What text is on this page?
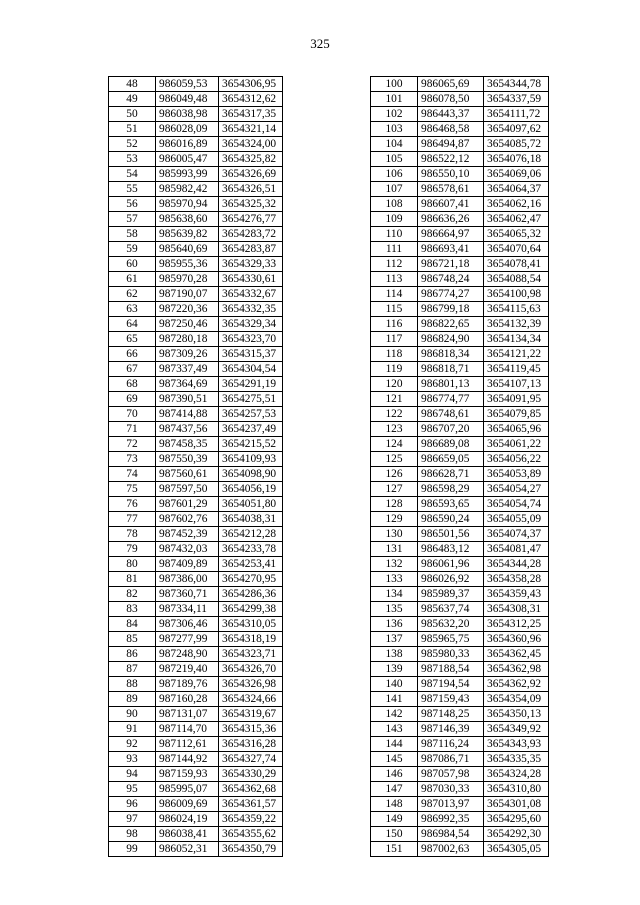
325
48	986059,53	3654306,95
49	986049,48	3654312,62
50	986038,98	3654317,35
51	986028,09	3654321,14
52	986016,89	3654324,00
53	986005,47	3654325,82
54	985993,99	3654326,69
55	985982,42	3654326,51
56	985970,94	3654325,32
57	985638,60	3654276,77
58	985639,82	3654283,72
59	985640,69	3654283,87
60	985955,36	3654329,33
61	985970,28	3654330,61
62	987190,07	3654332,67
63	987220,36	3654332,35
64	987250,46	3654329,34
65	987280,18	3654323,70
66	987309,26	3654315,37
67	987337,49	3654304,54
68	987364,69	3654291,19
69	987390,51	3654275,51
70	987414,88	3654257,53
71	987437,56	3654237,49
72	987458,35	3654215,52
73	987550,39	3654109,93
74	987560,61	3654098,90
75	987597,50	3654056,19
76	987601,29	3654051,80
77	987602,76	3654038,31
78	987452,39	3654212,28
79	987432,03	3654233,78
80	987409,89	3654253,41
81	987386,00	3654270,95
82	987360,71	3654286,36
83	987334,11	3654299,38
84	987306,46	3654310,05
85	987277,99	3654318,19
86	987248,90	3654323,71
87	987219,40	3654326,70
88	987189,76	3654326,98
89	987160,28	3654324,66
90	987131,07	3654319,67
91	987114,70	3654315,36
92	987112,61	3654316,28
93	987144,92	3654327,74
94	987159,93	3654330,29
95	985995,07	3654362,68
96	986009,69	3654361,57
97	986024,19	3654359,22
98	986038,41	3654355,62
99	986052,31	3654350,79
100	986065,69	3654344,78
101	986078,50	3654337,59
102	986443,37	3654111,72
103	986468,58	3654097,62
104	986494,87	3654085,72
105	986522,12	3654076,18
106	986550,10	3654069,06
107	986578,61	3654064,37
108	986607,41	3654062,16
109	986636,26	3654062,47
110	986664,97	3654065,32
111	986693,41	3654070,64
112	986721,18	3654078,41
113	986748,24	3654088,54
114	986774,27	3654100,98
115	986799,18	3654115,63
116	986822,65	3654132,39
117	986824,90	3654134,34
118	986818,34	3654121,22
119	986818,71	3654119,45
120	986801,13	3654107,13
121	986774,77	3654091,95
122	986748,61	3654079,85
123	986707,20	3654065,96
124	986689,08	3654061,22
125	986659,05	3654056,22
126	986628,71	3654053,89
127	986598,29	3654054,27
128	986593,65	3654054,74
129	986590,24	3654055,09
130	986501,56	3654074,37
131	986483,12	3654081,47
132	986061,96	3654344,28
133	986026,92	3654358,28
134	985989,37	3654359,43
135	985637,74	3654308,31
136	985632,20	3654312,25
137	985965,75	3654360,96
138	985980,33	3654362,45
139	987188,54	3654362,98
140	987194,54	3654362,92
141	987159,43	3654354,09
142	987148,25	3654350,13
143	987146,39	3654349,92
144	987116,24	3654343,93
145	987086,71	3654335,35
146	987057,98	3654324,28
147	987030,33	3654310,80
148	987013,97	3654301,08
149	986992,35	3654295,60
150	986984,54	3654292,30
151	987002,63	3654305,05
